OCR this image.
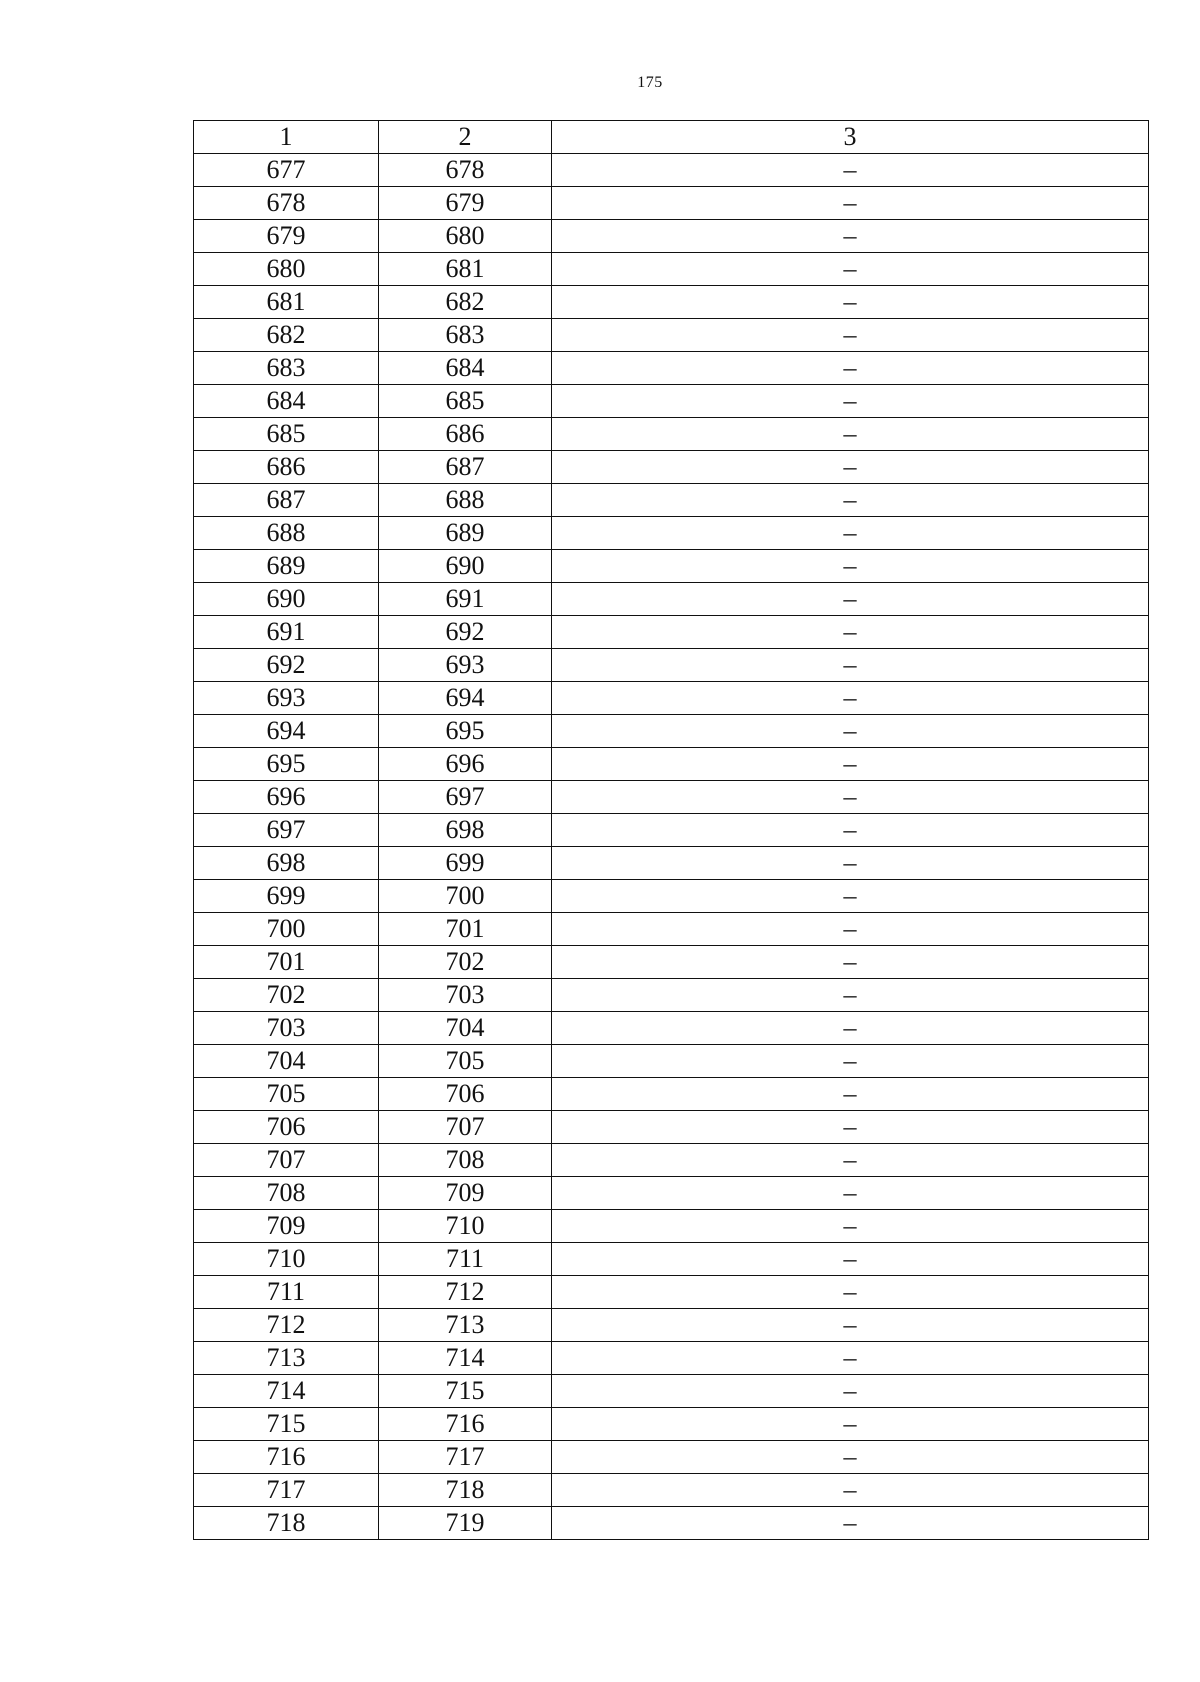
175
1	2	3
677	678	–
678	679	–
679	680	–
680	681	–
681	682	–
682	683	–
683	684	–
684	685	–
685	686	–
686	687	–
687	688	–
688	689	–
689	690	–
690	691	–
691	692	–
692	693	–
693	694	–
694	695	–
695	696	–
696	697	–
697	698	–
698	699	–
699	700	–
700	701	–
701	702	–
702	703	–
703	704	–
704	705	–
705	706	–
706	707	–
707	708	–
708	709	–
709	710	–
710	711	–
711	712	–
712	713	–
713	714	–
714	715	–
715	716	–
716	717	–
717	718	–
718	719	–
